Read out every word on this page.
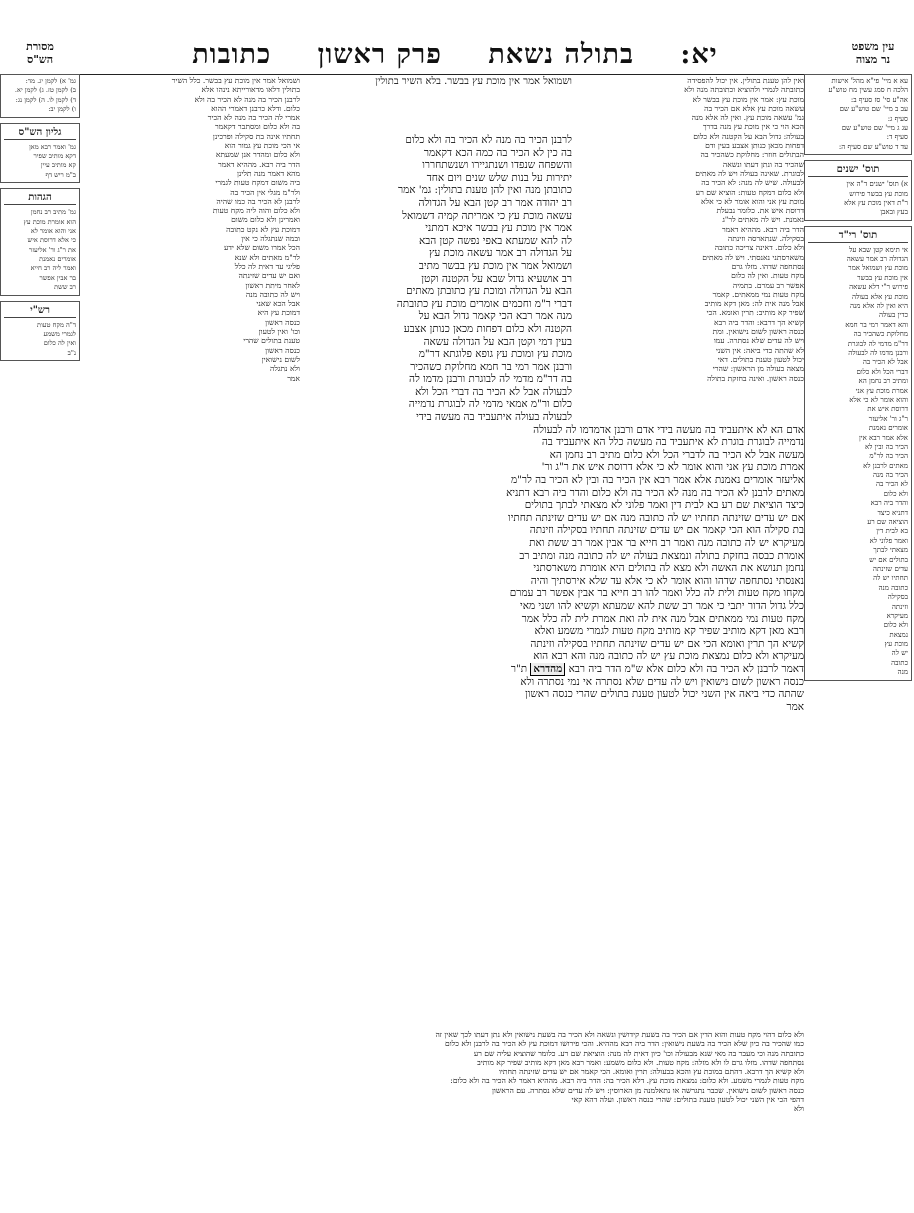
יא: בתולה נשאת פרק ראשון כתובות	עין משפט
נר מצוה
מסורת
הש"ס
עא א מיי' פי"א מהל' אישות
הלכה ח סמג עשין מח טוש"ע
אה"ע סי' סז סעיף ב:
עב ב מיי' שם טוש"ע שם
סעיף ג:
עג ג מיי' שם טוש"ע שם
סעיף ד:
עד ד טוש"ע שם סעיף ה:
תוס' ישנים
א) תוס' ישנים ד"ה אין
מוכת עץ בבשר פירוש
ר"ת דאין מוכת עץ אלא
בעץ ובאבן
תוס' רי"ד
אי תימא קטן שבא על
הגדולה רב אמר עשאה
מוכת עץ ושמואל אמר
אין מוכת עץ בבשר
פירוש ר"י דלא עשאה
מוכת עץ אלא בעולה
היא ואין לה אלא מנה
כדין בעולה
והא דאמר רמי בר חמא
מחלוקת כשהכיר בה
דר"מ מדמי לה לבוגרת
ורבנן מדמו לה לבעולה
אבל לא הכיר בה
דברי הכל ולא כלום
ומתיב רב נחמן הא
אמרת מוכת עץ אני
והוא אומר לא כי אלא
דרוסת איש את
ר"ג ור' אליעזר
אומרים נאמנת
אלא אמר רבא אין
הכיר בה ובין לא
הכיר בה לר"מ
מאתים לרבנן לא
הכיר בה מנה
לא הכיר בה
ולא כלום
והדר ביה רבא
דתניא כיצד
הוציאה שם רע
בא לבית דין
ואמר פלוני לא
מצאתי לבתך
בתולים אם יש
עדים שזינתה
תחתיו יש לה
כתובה מנה
בסקילה
וזינתה
מעיקרא
ולא כלום
נמצאת
מוכת עץ
יש לה
כתובה
מנה
גמ' א) לקמן יג. מד:
ב) לקמן טז. ג) לקמן יא.
ד) לקמן לו. ה) לקמן נג:
ו) לקמן יב:
גליון הש"ס
גמ' ואמר רבא מאן
דקא מותיב שפיר
קא מותיב עיין
ב"מ ריש דף
הגהות
גמ' מתיב רב נחמן
הוא אומרת מוכת עץ
אני והוא אומר לא
כי אלא דרוסת איש
את ר"ג ור' אליעזר
אומרים נאמנת
ואמר ליה רב חייא
בר אבין אפשר
רב ששת
רש"י
ד"ה מקח טעות
לגמרי משמע
ואין לה כלום
נ"ב
ואין להן טענת בתולין. אין יכול להפסידה
כתובתה לגמרי ולהוציא וכתובתה מנה ולא
מוכת עץ: אמר אין מוכת עץ בבשר לא
עשאה מוכת עץ אלא אם הכיר בה
גמ' עשאה מוכת עץ. ואין לה אלא מנה
הכא הוי כי אין מוכת עץ מנה בדרך
בעולה: גדול הבא על הקטנה ולא כלום
דפחות מכאן כנותן אצבע בעין ודם
הבתולים חוזר: מחלוקת כשהכיר בה
שהכיר בה ונתן דעתו ונשאה
לבוגרת. שאינה בעולה ויש לה מאתים
לבעולה. שיש לה מנה: לא הכיר בה
ולא כלום דמקח טעות: הוציא שם רע
מוכת עץ אני והוא אומר לא כי אלא
דרוסת איש את. כלומר נבעלת
נאמנת. ויש לה מאתים לר"ג
הדר ביה רבא. מההיא דאמר
בסקילה. שנתארסה וזינתה
ולא כלום. דאינה צריכה כתובה
משארסתני נאנסתי. ויש לה מאתים
נסתחפה שדהו. מזלו גרם
מקח טעות. ואין לה כלום
אפשר רב עמרם. בתמיה
מקח טעות נמי ממאתים. קאמר
אבל מנה אית לה: מאן דקא מותיב
שפיר קא מותיב: תרין ואומא. הכי
קשיא הך דרבא: והדר ביה רבא
כנסה ראשון לשום נישואין. ומת
ויש לה עדים שלא נסתרה. עמו
לא שהתה כדי ביאה: אין השני
יכול לטעון טענת בתולים. דאי
מצאה בעולה מן הראשון: שהרי
כנסה ראשון. ואינה בחזקת בתולה
ושמואל אמר אין מוכת עץ בבשר. כלל השיר
בתולין דלאו מדאורייתא נינהו אלא
לרבנן הכיר בה מנה לא הכיר בה ולא
כלום. ודלא כרבנן דאמרי ההוא
אמרי לה הכיר בה מנה לא הכיר
בה ולא כלום ומסתבר דקאמר
תחתיו אינה בת סקילה ופרכינן
אי הכי מוכת עץ גמור הוא
ולא כלום ומהדר אנן שמעתא
הדר ביה רבא. מההיא דאמר
מהא דאמר מנה תלינן
ביה משום דמקח טעות לגמרי
ולר"מ מגלי אין הכיר בה
לרבנן לא הכיר בה כמו שהיה
ולא כלום והוה ליה מקח טעות
ואמרינן ולא כלום משום
דמוכת עץ לא נקט כתובה
ובמה שנתגלה כי אין
הכל אמרו משום שלא ידע
לר"מ מאתים ולא שנא
פליגי עד דאית לה כלל
ואם יש עדים שזינתה
לאחר מיתת ראשון
ויש לה כתובה מנה
אבל הכא שאני
דמוכת עץ היא
כנסה ראשון
וכו' ואין לטעון
טענת בתולים שהרי
כנסה ראשון
לשום נישואין
ולא נתגלה
אמר
ושמואל אמר אין מוכת עץ בבשר. בלא השיר בתולין
לרבנן הכיר בה מנה לא הכיר בה ולא כלום
בה כין לא הכיר בה כמה הכא דקאמר
והשפחה שנפדו ושנתגיירו ושנשתחררו
יתירות על בנות שלש שנים ויום אחד
כתובתן מנה ואין להן טענת בתולין: גמ' אמר
רב יהודה אמר רב קטן הבא על הגדולה
עשאה מוכת עץ כי אמריתה קמיה דשמואל
אמר אין מוכת עץ בבשר איכא דמתני
לה להא שמעתא באפי נפשה קטן הבא
על הגדולה רב אמר עשאה מוכת עץ
ושמואל אמר אין מוכת עץ בבשר מתיב
רב אושעיא גדול שבא על הקטנה וקטן
הבא על הגדולה ומוכת עץ כתובתן מאתים
דברי ר"מ וחכמים אומרים מוכת עץ כתובתה
מנה אמר רבא הכי קאמר גדול הבא על
הקטנה ולא כלום דפחות מכאן כנותן אצבע
בעין דמי וקטן הבא על הגדולה עשאה
מוכת עץ ומוכת עץ גופא פלוגתא דר"מ
ורבנן אמר רמי בר חמא מחלוקת כשהכיר
בה דר"מ מדמי לה לבוגרת ורבנן מדמו לה
לבעולה אבל לא הכיר בה דברי הכל ולא
כלום ור"מ אמאי מדמי לה לבוגרת נדמייה
לבעולה בעולה איתעביד בה מעשה בידי
אדם הא לא איתעביד בה מעשה בידי אדם ורבנן אדמדמו לה לבעולה
נדמייה לבוגרת בוגרת לא איתעביד בה מעשה כלל הא איתעביד בה
מעשה אבל לא הכיר בה לדברי הכל ולא כלום מתיב רב נחמן הא
אמרת מוכת עץ אני והוא אומר לא כי אלא דרוסת איש את ר"ג ור'
אליעזר אומרים נאמנת אלא אמר רבא אין הכיר בה ובין לא הכיר בה לר"מ
מאתים לרבנן לא הכיר בה מנה לא הכיר בה ולא כלום והדר ביה רבא דתניא
כיצד הוציאת שם רע בא לבית דין ואמר פלוני לא מצאתי לבתך בתולים
אם יש עדים שזינתה תחתיו יש לה כתובה מנה אם יש עדים שזינתה תחתיו
בת סקילה הוא הכי קאמר אם יש עדים שזינתה תחתיו בסקילה וזינתה
מעיקרא יש לה כתובה מנה ואמר רב חייא בר אבין אמר רב ששת ואת
אומרת כבסה בחזקת בתולה ונמצאת בעולה יש לה כתובה מנה ומתיב רב
נחמן תנושא את האשה ולא מצא לה בתולים היא אומרת משארסתני
נאנסתי נסתחפה שדהו והוא אומר לא כי אלא עד שלא אירסתיך והיה
מקחו מקח טעות ולית לה כלל ואמר להו רב חייא בר אבין אפשר רב עמרם
כלל גדול הדור יתבי כי אמר רב ששת להא שמעתא וקשיא להו ושני מאי
מקח טעות נמי ממאתים אבל מנה אית לה ואת אמרת לית לה כלל אמר
רבא מאן דקא מותיב שפיר קא מותיב מקח טעות לגמרי משמע ואלא
קשיא הך תרין ואומא הכי אם יש עדים שזינתה תחתיו בסקילה וזינתה
מעיקרא ולא כלום נמצאת מוכת עץ יש לה כתובה מנה והא רבא הוא
דאמר לרבנן לא הכיר בה ולא כלום אלא ש"מ הדר ביה רבא מהדרא ת"ר
כנסה ראשון לשום נישואין ויש לה עדים שלא נסתרה אי נמי נסתרה ולא
שהתה כדי ביאה אין השני יכול לטעון טענת בתולים שהרי כנסה ראשון
אמר
ולא כלום דהוי מקח טעות והוא הדין אם הכיר בה בשעת קידושין ונשאה ולא הכיר בה בשעת נישואין ולא נתן דעתו לכך שאין זה
כמו שהכיר בה כיון שלא הכיר בה בשעת נישואין: הדר ביה רבא מההיא. והכי פירושו דמוכת עץ לא הכיר בה לרבנן ולא כלום
כתובתה מנה וכי מעבר בה מאי שנא מבעולה וכו' כיון דאית לה מנה: הוציאת שם רע. כלומר שהוציא עליה שם רע
נסתחפה שדהו. מזלו גרם לו ולא מזלה: מקח טעות. ולא כלום משמע: ואמר רבא מאן דקא מותיב שפיר קא מותיב
ולא קשיא הך דרבא. דהתם במוכת עץ והכא בבעולה: תרין ואומא. הכי קאמר אם יש עדים שזינתה תחתיו
מקח טעות לגמרי משמע. ולא כלום: נמצאת מוכת עץ. דלא הכיר בה: הדר ביה רבא. מההיא דאמר לא הכיר בה ולא כלום:
כנסה ראשון לשום נישואין. שכבר נתגרשה או נתאלמנה מן הארוסין: ויש לה עדים שלא נסתרה. עם הראשון
דהפי הכי אין השני יכול לטעון טענת בתולים: שהרי כנסה ראשון. ועלה דהא קאי
ולא
